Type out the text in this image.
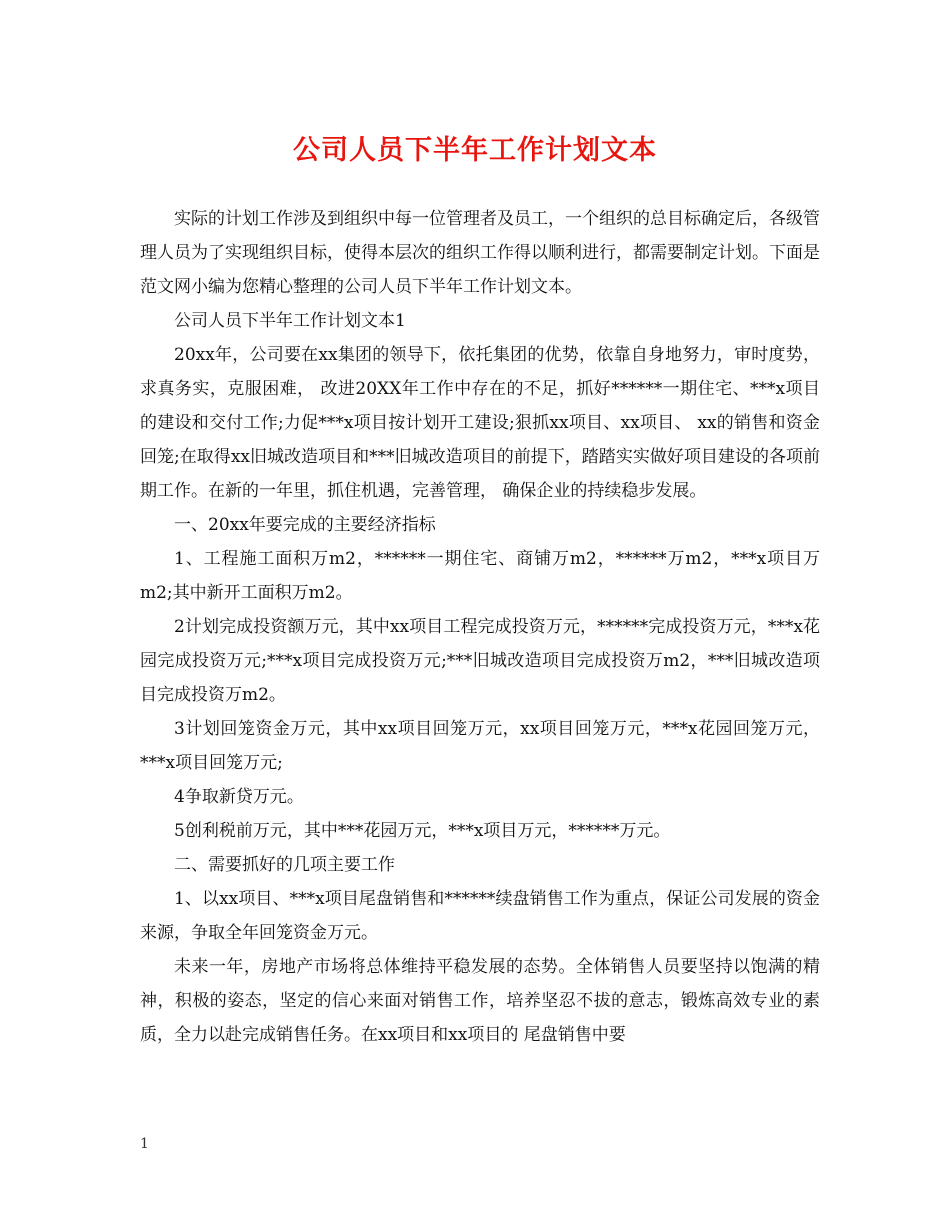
公司人员下半年工作计划文本

实际的计划工作涉及到组织中每一位管理者及员工，一个组织的总目标确定后，各级管理人员为了实现组织目标，使得本层次的组织工作得以顺利进行，都需要制定计划。下面是范文网小编为您精心整理的公司人员下半年工作计划文本。

公司人员下半年工作计划文本1

20xx年，公司要在xx集团的领导下，依托集团的优势，依靠自身地努力，审时度势，求真务实，克服困难， 改进20XX年工作中存在的不足，抓好******一期住宅、***x项目的建设和交付工作;力促***x项目按计划开工建设;狠抓xx项目、xx项目、 xx的销售和资金回笼;在取得xx旧城改造项目和***旧城改造项目的前提下，踏踏实实做好项目建设的各项前期工作。在新的一年里，抓住机遇，完善管理， 确保企业的持续稳步发展。

一、20xx年要完成的主要经济指标

1、工程施工面积万m2，******一期住宅、商铺万m2，******万m2，***x项目万m2;其中新开工面积万m2。

2计划完成投资额万元，其中xx项目工程完成投资万元，******完成投资万元，***x花园完成投资万元;***x项目完成投资万元;***旧城改造项目完成投资万m2，***旧城改造项目完成投资万m2。

3计划回笼资金万元，其中xx项目回笼万元，xx项目回笼万元，***x花园回笼万元，***x项目回笼万元;

4争取新贷万元。

5创利税前万元，其中***花园万元，***x项目万元，******万元。

二、需要抓好的几项主要工作

1、以xx项目、***x项目尾盘销售和******续盘销售工作为重点，保证公司发展的资金来源，争取全年回笼资金万元。

未来一年，房地产市场将总体维持平稳发展的态势。全体销售人员要坚持以饱满的精神，积极的姿态，坚定的信心来面对销售工作，培养坚忍不拔的意志，锻炼高效专业的素质，全力以赴完成销售任务。在xx项目和xx项目的 尾盘销售中要

1
